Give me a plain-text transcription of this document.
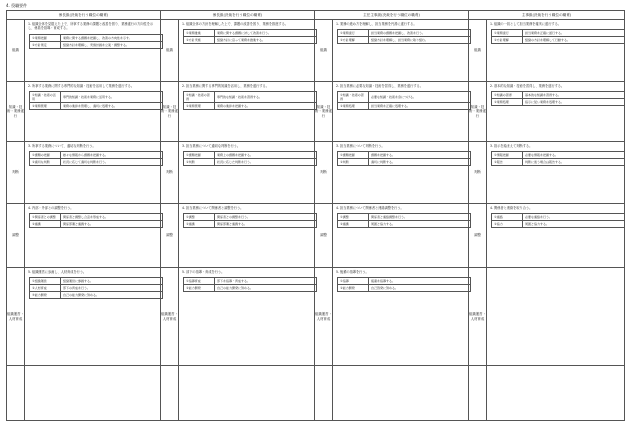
4. 役職要件
係長級(決裁を行う職位の職責)	係長級(決裁を行う職位の職責)	主任主事級(決裁を行う職位の職責)	主事級(決裁を行う職位の職責)
組織	
1. 組織全体を見据えた上で、所掌する業務の課題と改善を図り、業務遂行の方向性を示し、係員を指導・育成する。
①業務把握	業務に関する課題を把握し、改善の方向性を示す。
②方針策定	組織方針を理解し、実施計画を立案・調整する。
	組織	
1. 組織全体の方針を理解した上で、課題の改善を図り、業務を推進する。
①業務推進	業務に関する課題に対して改善を行う。
②方針実施	組織方針に沿って業務を推進する。
	組織	
1. 業務の進め方を理解し、担当業務を円滑に遂行する。
①業務遂行	担当業務の課題を把握し、改善を行う。
②方針理解	組織方針を理解し、担当業務に取り組む。
	組織	
1. 組織の一員として担当業務を確実に遂行する。
①業務遂行	担当業務を正確に遂行する。
②方針理解	組織の方針を理解して行動する。

知識・技術・業務遂行	
2. 所掌する業務に関する専門的な知識・技術を活用して業務を遂行する。
①知識・技術の活用	専門的知識・技術を業務に活用する。
②業務管理	業務の進捗を管理し、適切に処理する。
		知識・技術・業務遂行	
2. 担当業務に関する専門的知識を活用し、業務を遂行する。
①知識・技術の習得	専門的な知識・技術を習得する。
②業務管理	業務の進捗を把握する。
		知識・技術・業務遂行	
2. 担当業務に必要な知識・技術を習得し、業務を遂行する。
①知識・技術の習得	必要な知識・技術を身につける。
②業務処理	担当業務を正確に処理する。
		知識・技術・業務遂行	
2. 基本的な知識・技術を習得し、業務を遂行する。
①知識の習得	基本的な知識を習得する。
②業務処理	指示に従い業務を処理する。

判断	
3. 所掌する業務について、適切な判断を行う。
①課題の把握	様々な情報から課題を把握する。
②適切な判断	状況に応じて適切な判断を行う。
	判断	
3. 担当業務について適切な判断を行う。
①課題把握	業務上の課題を把握する。
②判断	状況に応じた判断を行う。
	判断	
3. 担当業務について判断を行う。
①課題把握	課題を把握する。
②判断	適切に判断する。
	判断	
3. 指示を踏まえて判断する。
①情報把握	必要な情報を把握する。
②報告	判断に迷う場合は報告する。

調整	
4. 内部・外部との調整を行う。
①関係者との調整	関係者と調整し合意を形成する。
②連携	関係部署と連携する。
	調整	
4. 担当業務について関係者と調整を行う。
①調整	関係者との調整を行う。
②連携	関係部署と連携する。
	調整	
4. 担当業務について関係者と連絡調整を行う。
①調整	関係者と連絡調整を行う。
②連携	周囲と協力する。
	調整	
4. 関係者と連絡を取り合う。
①連絡	必要な連絡を行う。
②協力	周囲と協力する。

組織運営・人材育成	
5. 組織運営に参画し、人材育成を行う。
①組織運営	組織運営に参画する。
②人材育成	部下の育成を行う。
③能力開発	自己の能力開発に努める。
	組織運営・人材育成	
5. 部下の指導・育成を行う。
①指導育成	部下を指導・育成する。
②能力開発	自己の能力開発に努める。
	組織運営・人材育成	
5. 後輩の指導を行う。
①指導	後輩を指導する。
②能力開発	自己啓発に努める。
	組織運営・人材育成	
